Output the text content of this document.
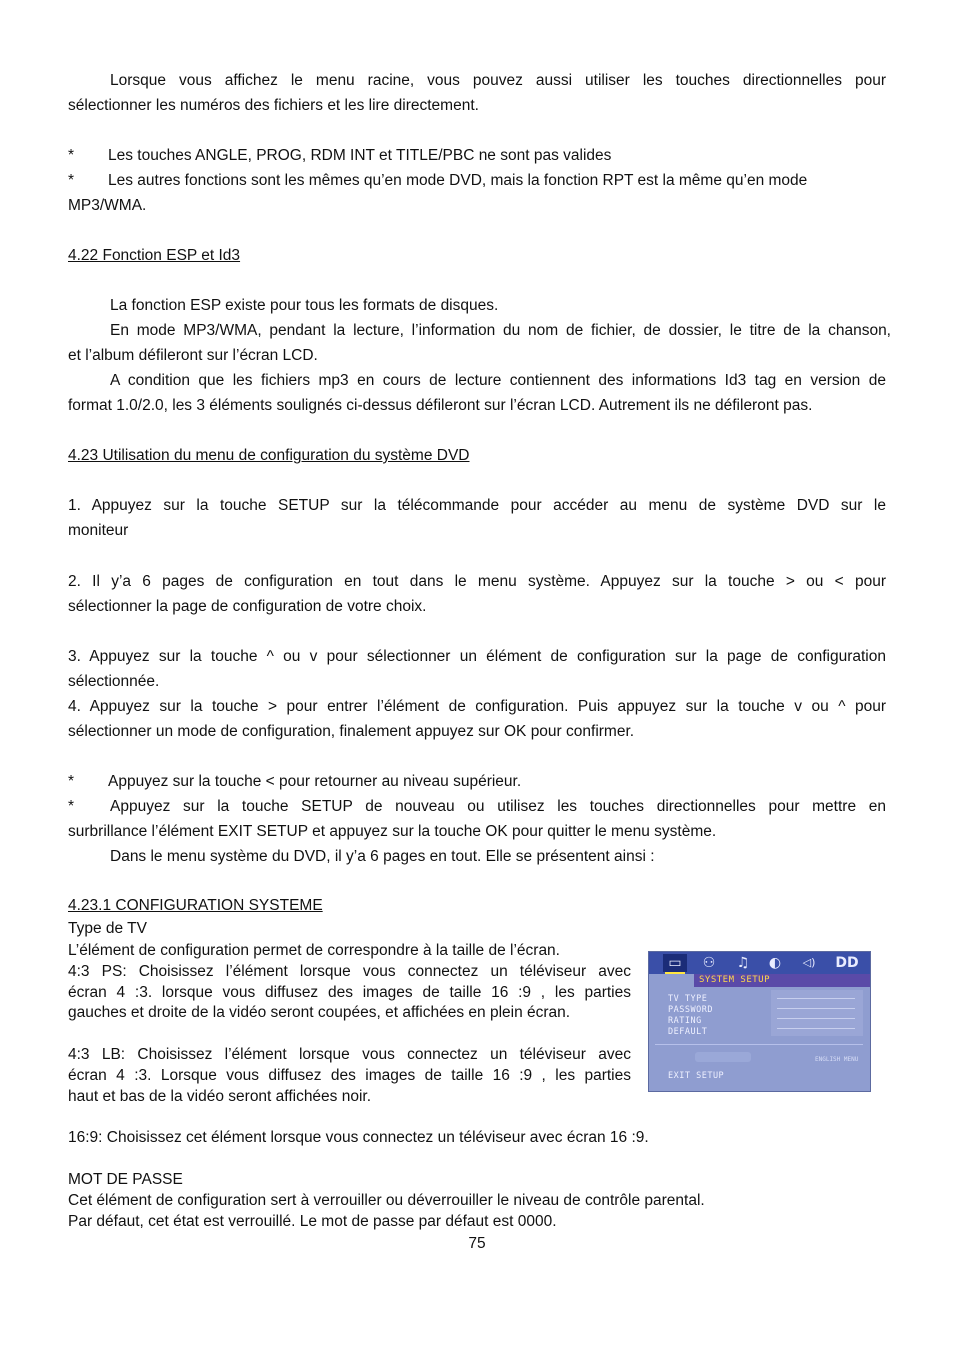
Lorsque vous affichez le menu racine, vous pouvez aussi utiliser les touches directionnelles pour
sélectionner les numéros des fichiers et les lire directement.
* Les touches ANGLE, PROG, RDM INT et TITLE/PBC ne sont pas valides
* Les autres fonctions sont les mêmes qu’en mode DVD, mais la fonction RPT est la même qu’en mode
MP3/WMA.
4.22 Fonction ESP et Id3
La fonction ESP existe pour tous les formats de disques.
En mode MP3/WMA, pendant la lecture, l’information du nom de fichier, de dossier, le titre de la chanson,
et l’album défileront sur l’écran LCD.
A condition que les fichiers mp3 en cours de lecture contiennent des informations Id3 tag en version de
format 1.0/2.0, les 3 éléments soulignés ci-dessus défileront sur l’écran LCD. Autrement ils ne défileront pas.
4.23 Utilisation du menu de configuration du système DVD
1. Appuyez sur la touche SETUP sur la télécommande pour accéder au menu de système DVD sur le
moniteur
2. Il y’a 6 pages de configuration en tout dans le menu système. Appuyez sur la touche > ou < pour
sélectionner la page de configuration de votre choix.
3. Appuyez sur la touche ^ ou v pour sélectionner un élément de configuration sur la page de configuration
sélectionnée.
4. Appuyez sur la touche > pour entrer l’élément de configuration. Puis appuyez sur la touche v ou ^ pour
sélectionner un mode de configuration, finalement appuyez sur OK pour confirmer.
* Appuyez sur la touche < pour retourner au niveau supérieur.
* Appuyez sur la touche SETUP de nouveau ou utilisez les touches directionnelles pour mettre en
surbrillance l’élément EXIT SETUP et appuyez sur la touche OK pour quitter le menu système.
Dans le menu système du DVD, il y’a 6 pages en tout. Elle se présentent ainsi :
4.23.1 CONFIGURATION SYSTEME
Type de TV
L’élément de configuration permet de correspondre à la taille de l’écran.
4:3 PS: Choisissez l’élément lorsque vous connectez un téléviseur avec
écran 4 :3. lorsque vous diffusez des images de taille 16 :9 , les parties
gauches et droite de la vidéo seront coupées, et affichées en plein écran.
4:3 LB: Choisissez l’élément lorsque vous connectez un téléviseur avec
écran 4 :3. Lorsque vous diffusez des images de taille 16 :9 , les parties
haut et bas de la vidéo seront affichées noir.
16:9: Choisissez cet élément lorsque vous connectez un téléviseur avec écran 16 :9.
MOT DE PASSE
Cet élément de configuration sert à verrouiller ou déverrouiller le niveau de contrôle parental.
Par défaut, cet état est verrouillé. Le mot de passe par défaut est 0000.
75
▭	⚇	♫	◐	◁)	DD
SYSTEM SETUP
TV TYPE
PASSWORD
RATING
DEFAULT
ENGLISH MENU
EXIT SETUP
